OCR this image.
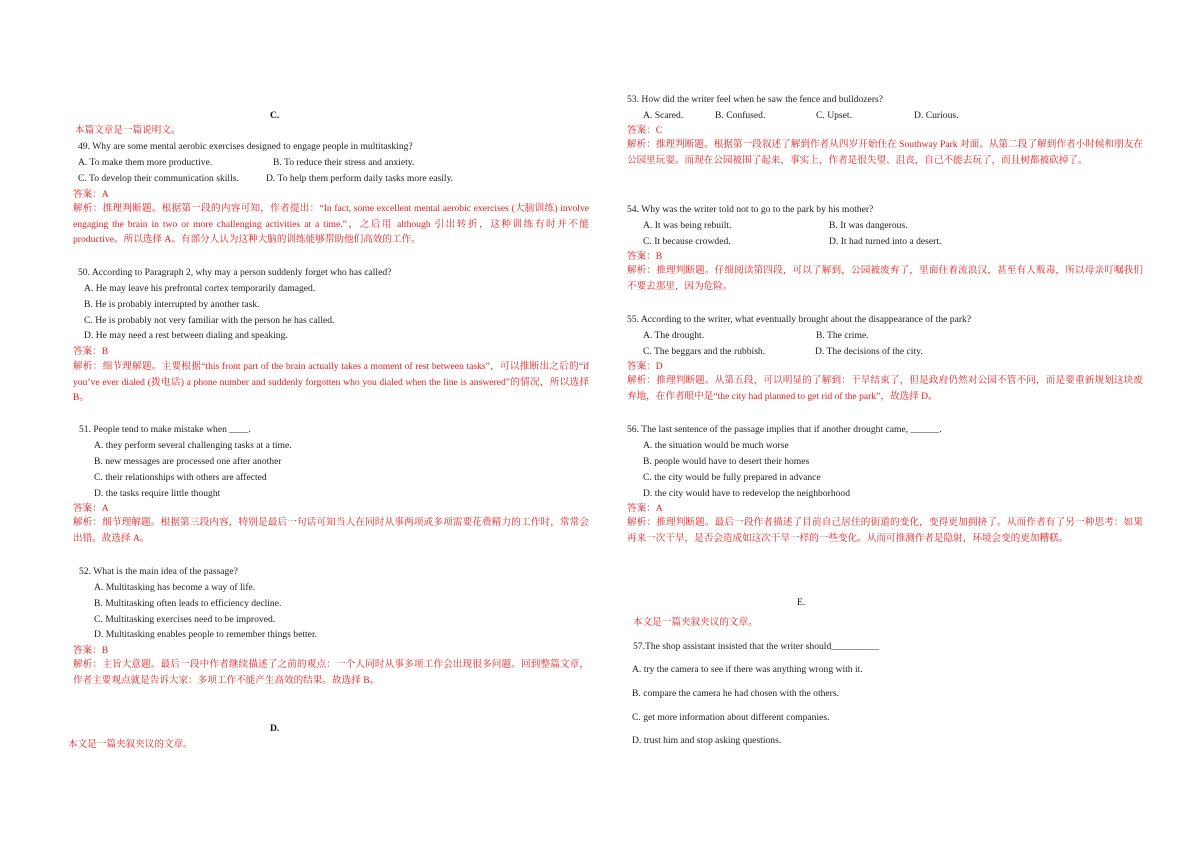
C.
本篇文章是一篇说明文。
49. Why are some mental aerobic exercises designed to engage people in multitasking?
A. To make them more productive.	B. To reduce their stress and anxiety.
C. To develop their communication skills.	D. To help them perform daily tasks more easily.
答案：A
解析：推理判断题。根据第一段的内容可知，作者提出：“In fact, some excellent mental aerobic exercises (大脑训练) involve engaging the brain in two or more challenging activities at a time.”，之后用 although 引出转折，这种训练有时并不能 productive。所以选择 A。有部分人认为这种大脑的训练能够帮助他们高效的工作。
50. According to Paragraph 2, why may a person suddenly forget who has called?
A. He may leave his prefrontal cortex temporarily damaged.
B. He is probably interrupted by another task.
C. He is probably not very familiar with the person he has called.
D. He may need a rest between dialing and speaking.
答案：B
解析：细节理解题。主要根据“this front part of the brain actually takes a moment of rest between tasks”，可以推断出之后的“if you’ve ever dialed (拨电话) a phone number and suddenly forgotten who you dialed when the line is answered”的情况，所以选择 B。
51. People tend to make mistake when ____.
A. they perform several challenging tasks at a time.
B. new messages are processed one after another
C. their relationships with others are affected
D. the tasks require little thought
答案：A
解析：细节理解题。根据第三段内容，特别是最后一句话可知当人在同时从事两项或多项需要花费精力的工作时，常常会出错。故选择 A。
52. What is the main idea of the passage?
A. Multitasking has become a way of life.
B. Multitasking often leads to efficiency decline.
C. Multitasking exercises need to be improved.
D. Multitasking enables people to remember things better.
答案：B
解析：主旨大意题。最后一段中作者继续描述了之前的观点：一个人同时从事多项工作会出现很多问题。回到整篇文章，作者主要观点就是告诉大家：多项工作不能产生高效的结果。故选择 B。
D.
本文是一篇夹叙夹议的文章。
53. How did the writer feel when he saw the fence and bulldozers?
A. Scared.	B. Confused.	C. Upset.	D. Curious.
答案：C
解析：推理判断题。根据第一段叙述了解到作者从四岁开始住在 Southway Park 对面。从第二段了解到作者小时候和朋友在公园里玩耍。而现在公园被围了起来，事实上，作者是很失望、沮丧，自己不能去玩了，而且树都被砍掉了。
54. Why was the writer told not to go to the park by his mother?
A. It was being rebuilt.	B. It was dangerous.
C. It because crowded.	D. It had turned into a desert.
答案：B
解析：推理判断题。仔细阅读第四段，可以了解到，公园被废弃了，里面住着流浪汉，甚至有人贩毒，所以母亲叮嘱我们不要去那里，因为危险。
55. According to the writer, what eventually brought about the disappearance of the park?
A. The drought.	B. The crime.
C. The beggars and the rubbish.	D. The decisions of the city.
答案：D
解析：推理判断题。从第五段，可以明显的了解到：干旱结束了，但是政府仍然对公园不管不问，而是要重新规划这块废弃地，在作者眼中是“the city had planned to get rid of the park”，故选择 D。
56. The last sentence of the passage implies that if another drought came, ______.
A. the situation would be much worse
B. people would have to desert their homes
C. the city would be fully prepared in advance
D. the city would have to redevelop the neighborhood
答案：A
解析：推理判断题。最后一段作者描述了目前自己居住的街道的变化，变得更加拥挤了。从而作者有了另一种思考：如果再来一次干旱，是否会造成如这次干旱一样的一些变化。从而可推测作者是隐射，环境会变的更加糟糕。
E.
本文是一篇夹叙夹议的文章。
57.The shop assistant insisted that the writer should__________
A. try the camera to see if there was anything wrong with it.
B. compare the camera he had chosen with the others.
C. get more information about different companies.
D. trust him and stop asking questions.
